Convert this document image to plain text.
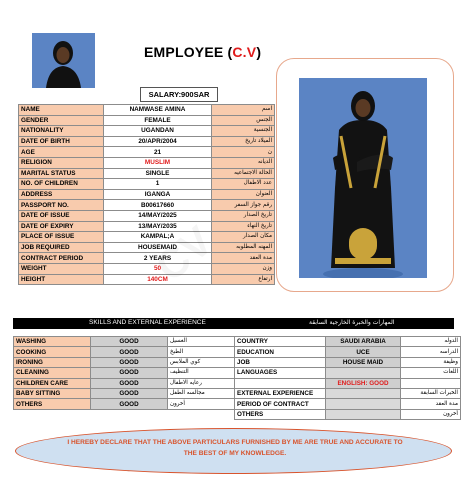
EMPLOYEE (C.V)
SALARY:900SAR
NAME	NAMWASE AMINA	اسم
GENDER	FEMALE	الجنس
NATIONALITY	UGANDAN	الجنسية
DATE OF BIRTH	20/APR/2004	الميلاد تاريخ
AGE	21	ن
RELIGION	MUSLIM	الديانه
MARITAL STATUS	SINGLE	الحالة الاجتماعيه
NO. OF CHILDREN	1	عدد الاطفال
ADDRESS	IGANGA	العنوان
PASSPORT NO.	B00617660	رقم جواز السفر
DATE OF ISSUE	14/MAY/2025	تاريخ الصدار
DATE OF EXPIRY	13/MAY/2035	تاريخ النهاء
PLACE OF ISSUE	KAMPAL;A	مكان الصدار
JOB REQUIRED	HOUSEMAID	المهنه المطلوبه
CONTRACT PERIOD	2 YEARS	مدة العقد
WEIGHT	50	وزن
HEIGHT	140CM	ارتفاع
SKILLS AND EXTERNAL EXPERIENCE	المهارات والخبرة الخارجية السابقة
WASHING	GOOD	الغسيل
COOKING	GOOD	الطبخ
IRONING	GOOD	كوي الملابس
CLEANING	GOOD	التنظيف
CHILDREN CARE	GOOD	رعايه الاطفال
BABY SITTING	GOOD	مجالسه الطفل
OTHERS	GOOD	أخرون
COUNTRY	SAUDI ARABIA	الدوله
EDUCATION	UCE	الدراسه
JOB	HOUSE MAID	وظيفة
LANGUAGES		اللغات
	ENGLISH: GOOD	
EXTERNAL EXPERIENCE		الخبرات السابقة
PERIOD OF CONTRACT		مدة العقد
OTHERS		أخرون
I HEREBY DECLARE THAT THE ABOVE PARTICULARS FURNISHED BY ME ARE TRUE AND ACCURATE TO THE BEST OF MY KNOWLEDGE.
